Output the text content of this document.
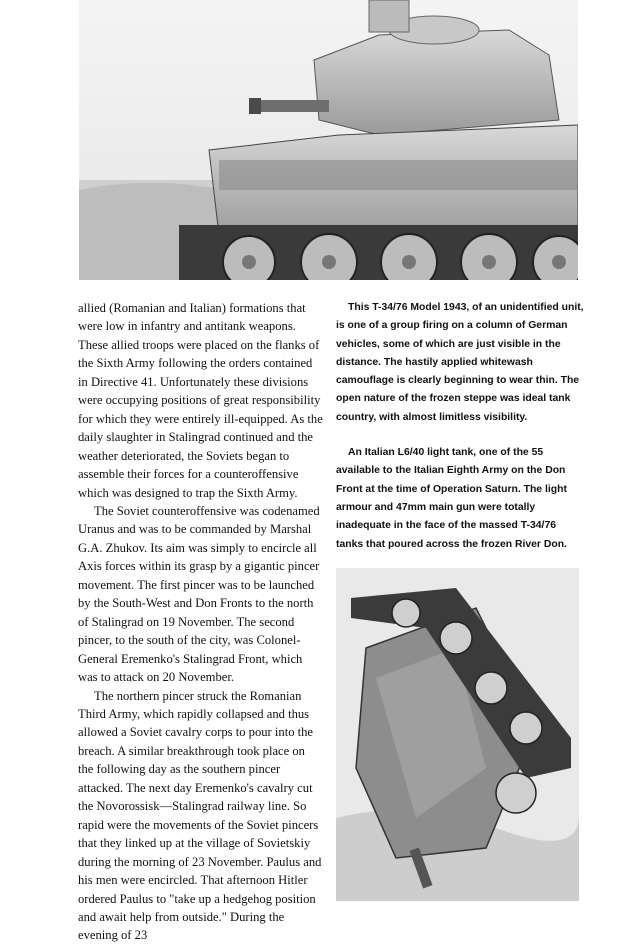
allied (Romanian and Italian) formations that were low in infantry and antitank weapons. These allied troops were placed on the flanks of the Sixth Army following the orders contained in Directive 41. Unfortunately these divisions were occupying positions of great responsibility for which they were entirely ill-equipped. As the daily slaughter in Stalingrad continued and the weather deteriorated, the Soviets began to assemble their forces for a counteroffensive which was designed to trap the Sixth Army.

The Soviet counteroffensive was codenamed Uranus and was to be commanded by Marshal G.A. Zhukov. Its aim was simply to encircle all Axis forces within its grasp by a gigantic pincer movement. The first pincer was to be launched by the South-West and Don Fronts to the north of Stalingrad on 19 November. The second pincer, to the south of the city, was Colonel-General Eremenko's Stalingrad Front, which was to attack on 20 November.

The northern pincer struck the Romanian Third Army, which rapidly collapsed and thus allowed a Soviet cavalry corps to pour into the breach. A similar breakthrough took place on the following day as the southern pincer attacked. The next day Eremenko's cavalry cut the Novorossisk—Stalingrad railway line. So rapid were the movements of the Soviet pincers that they linked up at the village of Sovietskiy during the morning of 23 November. Paulus and his men were encircled. That afternoon Hitler ordered Paulus to "take up a hedgehog position and await help from outside." During the evening of 23

This T-34/76 Model 1943, of an unidentified unit, is one of a group firing on a column of German vehicles, some of which are just visible in the distance. The hastily applied whitewash camouflage is clearly beginning to wear thin. The open nature of the frozen steppe was ideal tank country, with almost limitless visibility.

An Italian L6/40 light tank, one of the 55 available to the Italian Eighth Army on the Don Front at the time of Operation Saturn. The light armour and 47mm main gun were totally inadequate in the face of the massed T-34/76 tanks that poured across the frozen River Don.
